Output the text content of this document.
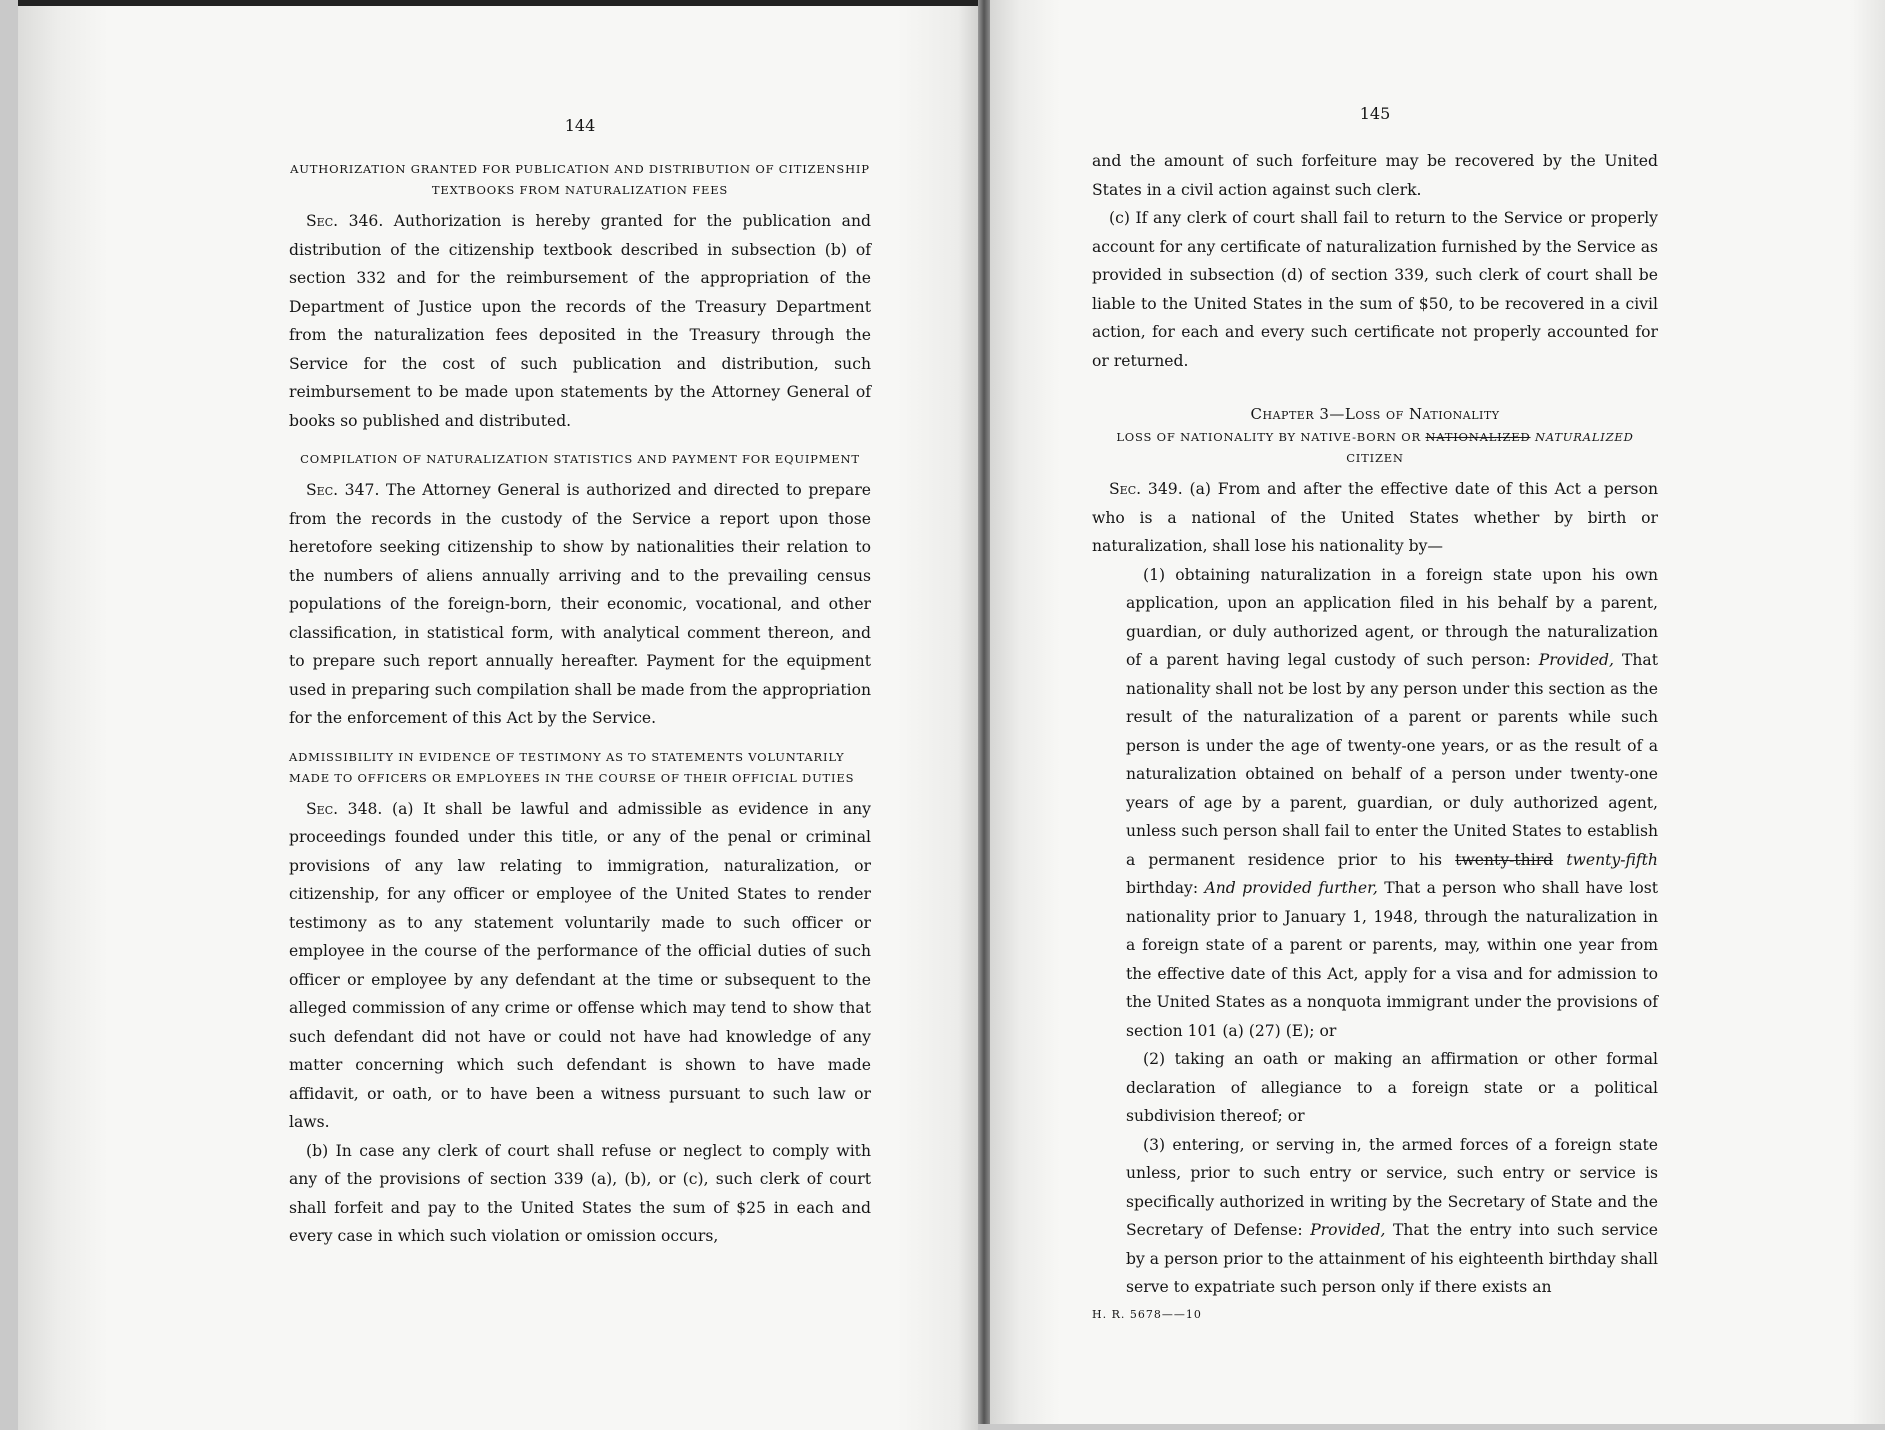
144

AUTHORIZATION GRANTED FOR PUBLICATION AND DISTRIBUTION OF CITIZENSHIP TEXTBOOKS FROM NATURALIZATION FEES

Sec. 346. Authorization is hereby granted for the publication and distribution of the citizenship textbook described in subsection (b) of section 332 and for the reimbursement of the appropriation of the Department of Justice upon the records of the Treasury Department from the naturalization fees deposited in the Treasury through the Service for the cost of such publication and distribution, such reimbursement to be made upon statements by the Attorney General of books so published and distributed.

COMPILATION OF NATURALIZATION STATISTICS AND PAYMENT FOR EQUIPMENT

Sec. 347. The Attorney General is authorized and directed to prepare from the records in the custody of the Service a report upon those heretofore seeking citizenship to show by nationalities their relation to the numbers of aliens annually arriving and to the prevailing census populations of the foreign-born, their economic, vocational, and other classification, in statistical form, with analytical comment thereon, and to prepare such report annually hereafter. Payment for the equipment used in preparing such compilation shall be made from the appropriation for the enforcement of this Act by the Service.

ADMISSIBILITY IN EVIDENCE OF TESTIMONY AS TO STATEMENTS VOLUNTARILY MADE TO OFFICERS OR EMPLOYEES IN THE COURSE OF THEIR OFFICIAL DUTIES

Sec. 348. (a) It shall be lawful and admissible as evidence in any proceedings founded under this title, or any of the penal or criminal provisions of any law relating to immigration, naturalization, or citizenship, for any officer or employee of the United States to render testimony as to any statement voluntarily made to such officer or employee in the course of the performance of the official duties of such officer or employee by any defendant at the time or subsequent to the alleged commission of any crime or offense which may tend to show that such defendant did not have or could not have had knowledge of any matter concerning which such defendant is shown to have made affidavit, or oath, or to have been a witness pursuant to such law or laws.

(b) In case any clerk of court shall refuse or neglect to comply with any of the provisions of section 339 (a), (b), or (c), such clerk of court shall forfeit and pay to the United States the sum of $25 in each and every case in which such violation or omission occurs,

145

and the amount of such forfeiture may be recovered by the United States in a civil action against such clerk.

(c) If any clerk of court shall fail to return to the Service or properly account for any certificate of naturalization furnished by the Service as provided in subsection (d) of section 339, such clerk of court shall be liable to the United States in the sum of $50, to be recovered in a civil action, for each and every such certificate not properly accounted for or returned.

Chapter 3—Loss of Nationality

LOSS OF NATIONALITY BY NATIVE-BORN OR NATIONALIZED NATURALIZED
CITIZEN

Sec. 349. (a) From and after the effective date of this Act a person who is a national of the United States whether by birth or naturalization, shall lose his nationality by—

(1) obtaining naturalization in a foreign state upon his own application, upon an application filed in his behalf by a parent, guardian, or duly authorized agent, or through the naturalization of a parent having legal custody of such person: Provided, That nationality shall not be lost by any person under this section as the result of the naturalization of a parent or parents while such person is under the age of twenty-one years, or as the result of a naturalization obtained on behalf of a person under twenty-one years of age by a parent, guardian, or duly authorized agent, unless such person shall fail to enter the United States to establish a permanent residence prior to his twenty-third twenty-fifth birthday: And provided further, That a person who shall have lost nationality prior to January 1, 1948, through the naturalization in a foreign state of a parent or parents, may, within one year from the effective date of this Act, apply for a visa and for admission to the United States as a nonquota immigrant under the provisions of section 101 (a) (27) (E); or

(2) taking an oath or making an affirmation or other formal declaration of allegiance to a foreign state or a political subdivision thereof; or

(3) entering, or serving in, the armed forces of a foreign state unless, prior to such entry or service, such entry or service is specifically authorized in writing by the Secretary of State and the Secretary of Defense: Provided, That the entry into such service by a person prior to the attainment of his eighteenth birthday shall serve to expatriate such person only if there exists an

H. R. 5678——10
